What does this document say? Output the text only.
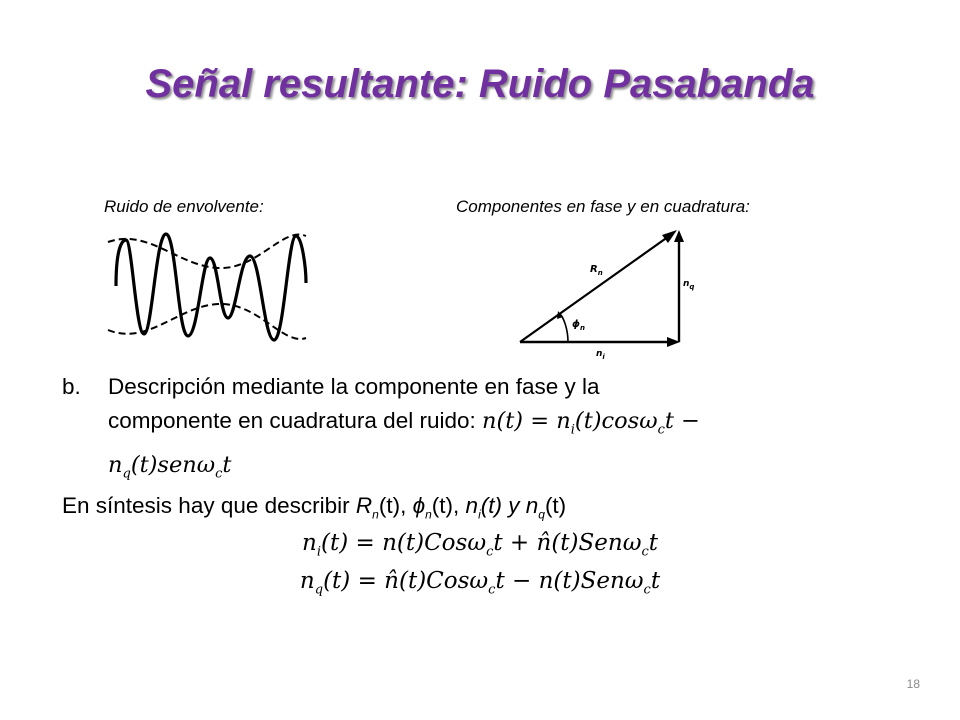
Señal resultante: Ruido Pasabanda
Ruido de envolvente:	Componentes en fase y en cuadratura:
$R_n$
$n_q$
$n_i$
$\phi_n$
b. Descripción mediante la componente en fase y la
componente en cuadratura del ruido: $n(t) = n_i(t)\cos\omega_ct$ −
$n_q(t)sen\omega_ct$
En síntesis hay que describir $R_n(t)$, $\phi_n(t)$, $n_i(t)$ y $n_q(t)$
$n_i(t) = n(t)Cos\omega_ct$ + n̂(t)Senω$_c$t
$n_q(t)$ = n̂(t)Cosω$_c$t − n(t)Senω$_c$t
18
